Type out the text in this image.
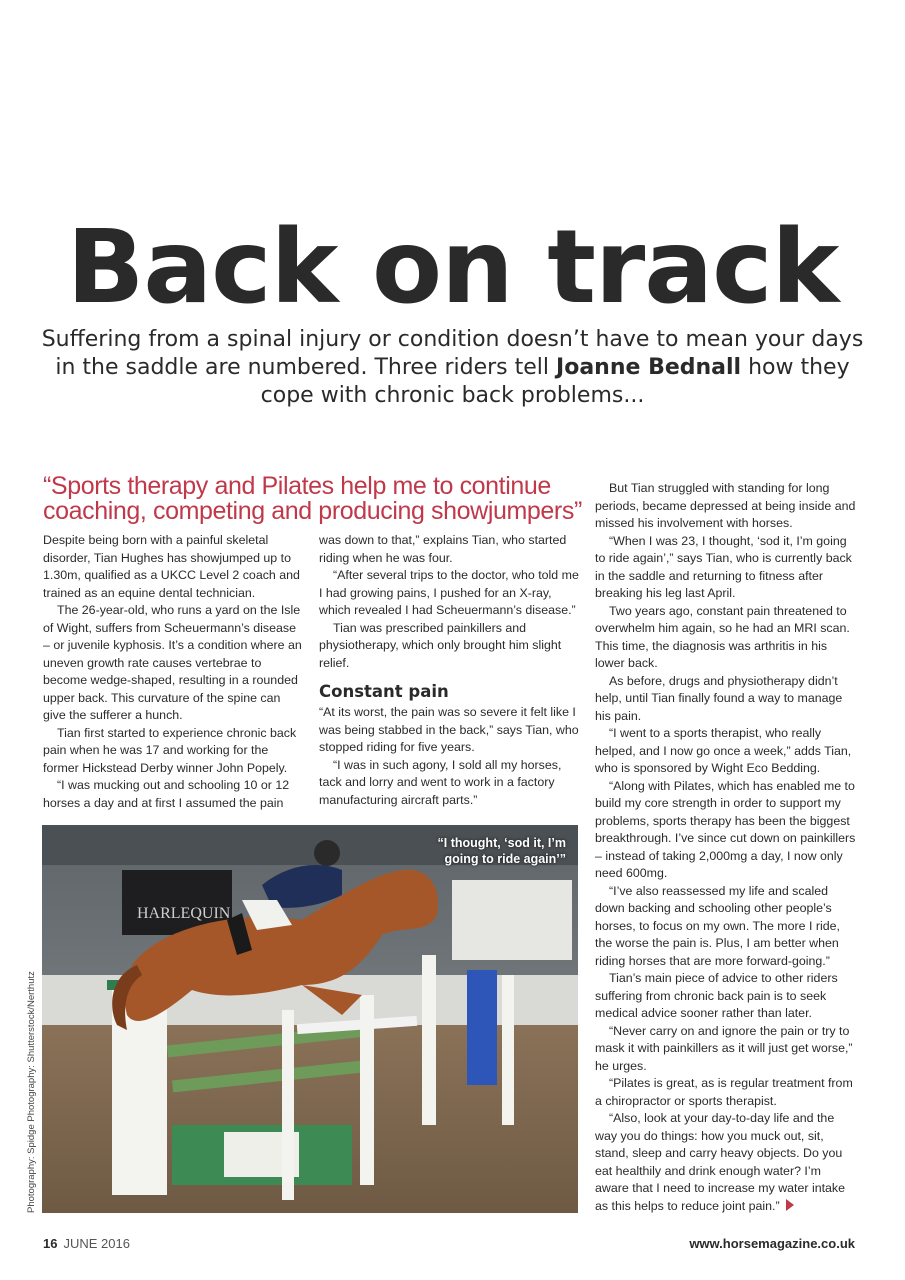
Back on track

Suffering from a spinal injury or condition doesn’t have to mean your days in the saddle are numbered. Three riders tell Joanne Bednall how they cope with chronic back problems...

“Sports therapy and Pilates help me to continue coaching, competing and producing showjumpers”

Despite being born with a painful skeletal disorder, Tian Hughes has showjumped up to 1.30m, qualified as a UKCC Level 2 coach and trained as an equine dental technician.

The 26-year-old, who runs a yard on the Isle of Wight, suffers from Scheuermann’s disease – or juvenile kyphosis. It’s a condition where an uneven growth rate causes vertebrae to become wedge-shaped, resulting in a rounded upper back. This curvature of the spine can give the sufferer a hunch.

Tian first started to experience chronic back pain when he was 17 and working for the former Hickstead Derby winner John Popely.

“I was mucking out and schooling 10 or 12 horses a day and at first I assumed the pain

was down to that,” explains Tian, who started riding when he was four.

“After several trips to the doctor, who told me I had growing pains, I pushed for an X-ray, which revealed I had Scheuermann’s disease.”

Tian was prescribed painkillers and physiotherapy, which only brought him slight relief.

Constant pain

“At its worst, the pain was so severe it felt like I was being stabbed in the back,” says Tian, who stopped riding for five years.

“I was in such agony, I sold all my horses, tack and lorry and went to work in a factory manufacturing aircraft parts.”

But Tian struggled with standing for long periods, became depressed at being inside and missed his involvement with horses.

“When I was 23, I thought, ‘sod it, I’m going to ride again’,” says Tian, who is currently back in the saddle and returning to fitness after breaking his leg last April.

Two years ago, constant pain threatened to overwhelm him again, so he had an MRI scan. This time, the diagnosis was arthritis in his lower back.

As before, drugs and physiotherapy didn’t help, until Tian finally found a way to manage his pain.

“I went to a sports therapist, who really helped, and I now go once a week,” adds Tian, who is sponsored by Wight Eco Bedding.

“Along with Pilates, which has enabled me to build my core strength in order to support my problems, sports therapy has been the biggest breakthrough. I’ve since cut down on painkillers – instead of taking 2,000mg a day, I now only need 600mg.

“I’ve also reassessed my life and scaled down backing and schooling other people’s horses, to focus on my own. The more I ride, the worse the pain is. Plus, I am better when riding horses that are more forward-going.”

Tian’s main piece of advice to other riders suffering from chronic back pain is to seek medical advice sooner rather than later.

“Never carry on and ignore the pain or try to mask it with painkillers as it will just get worse,” he urges.

“Pilates is great, as is regular treatment from a chiropractor or sports therapist.

“Also, look at your day-to-day life and the way you do things: how you muck out, sit, stand, sleep and carry heavy objects. Do you eat healthily and drink enough water? I’m aware that I need to increase my water intake as this helps to reduce joint pain.”

HARLEQUIN
“I thought, ‘sod it, I’m going to ride again’”
Photography: Spidge Photography: Shutterstock/Nerthutz
16 JUNE 2016	www.horsemagazine.co.uk
